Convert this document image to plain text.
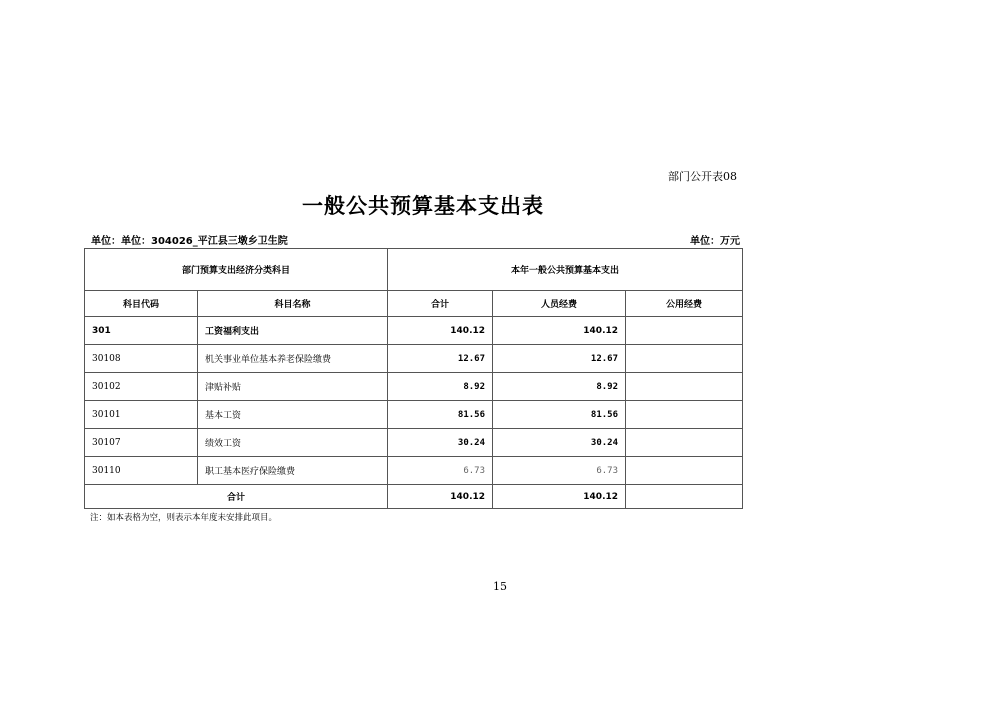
部门公开表08
一般公共预算基本支出表
单位：单位：304026_平江县三墩乡卫生院	单位：万元
部门预算支出经济分类科目		本年一般公共预算基本支出		
科目代码	科目名称	合计	人员经费	公用经费
301	工资福利支出	140.12	140.12	
30108	机关事业单位基本养老保险缴费	12.67	12.67	
30102	津贴补贴	8.92	8.92	
30101	基本工资	81.56	81.56	
30107	绩效工资	30.24	30.24	
30110	职工基本医疗保险缴费	6.73	6.73	
合计		140.12	140.12	
注：如本表格为空，则表示本年度未安排此项目。
15
